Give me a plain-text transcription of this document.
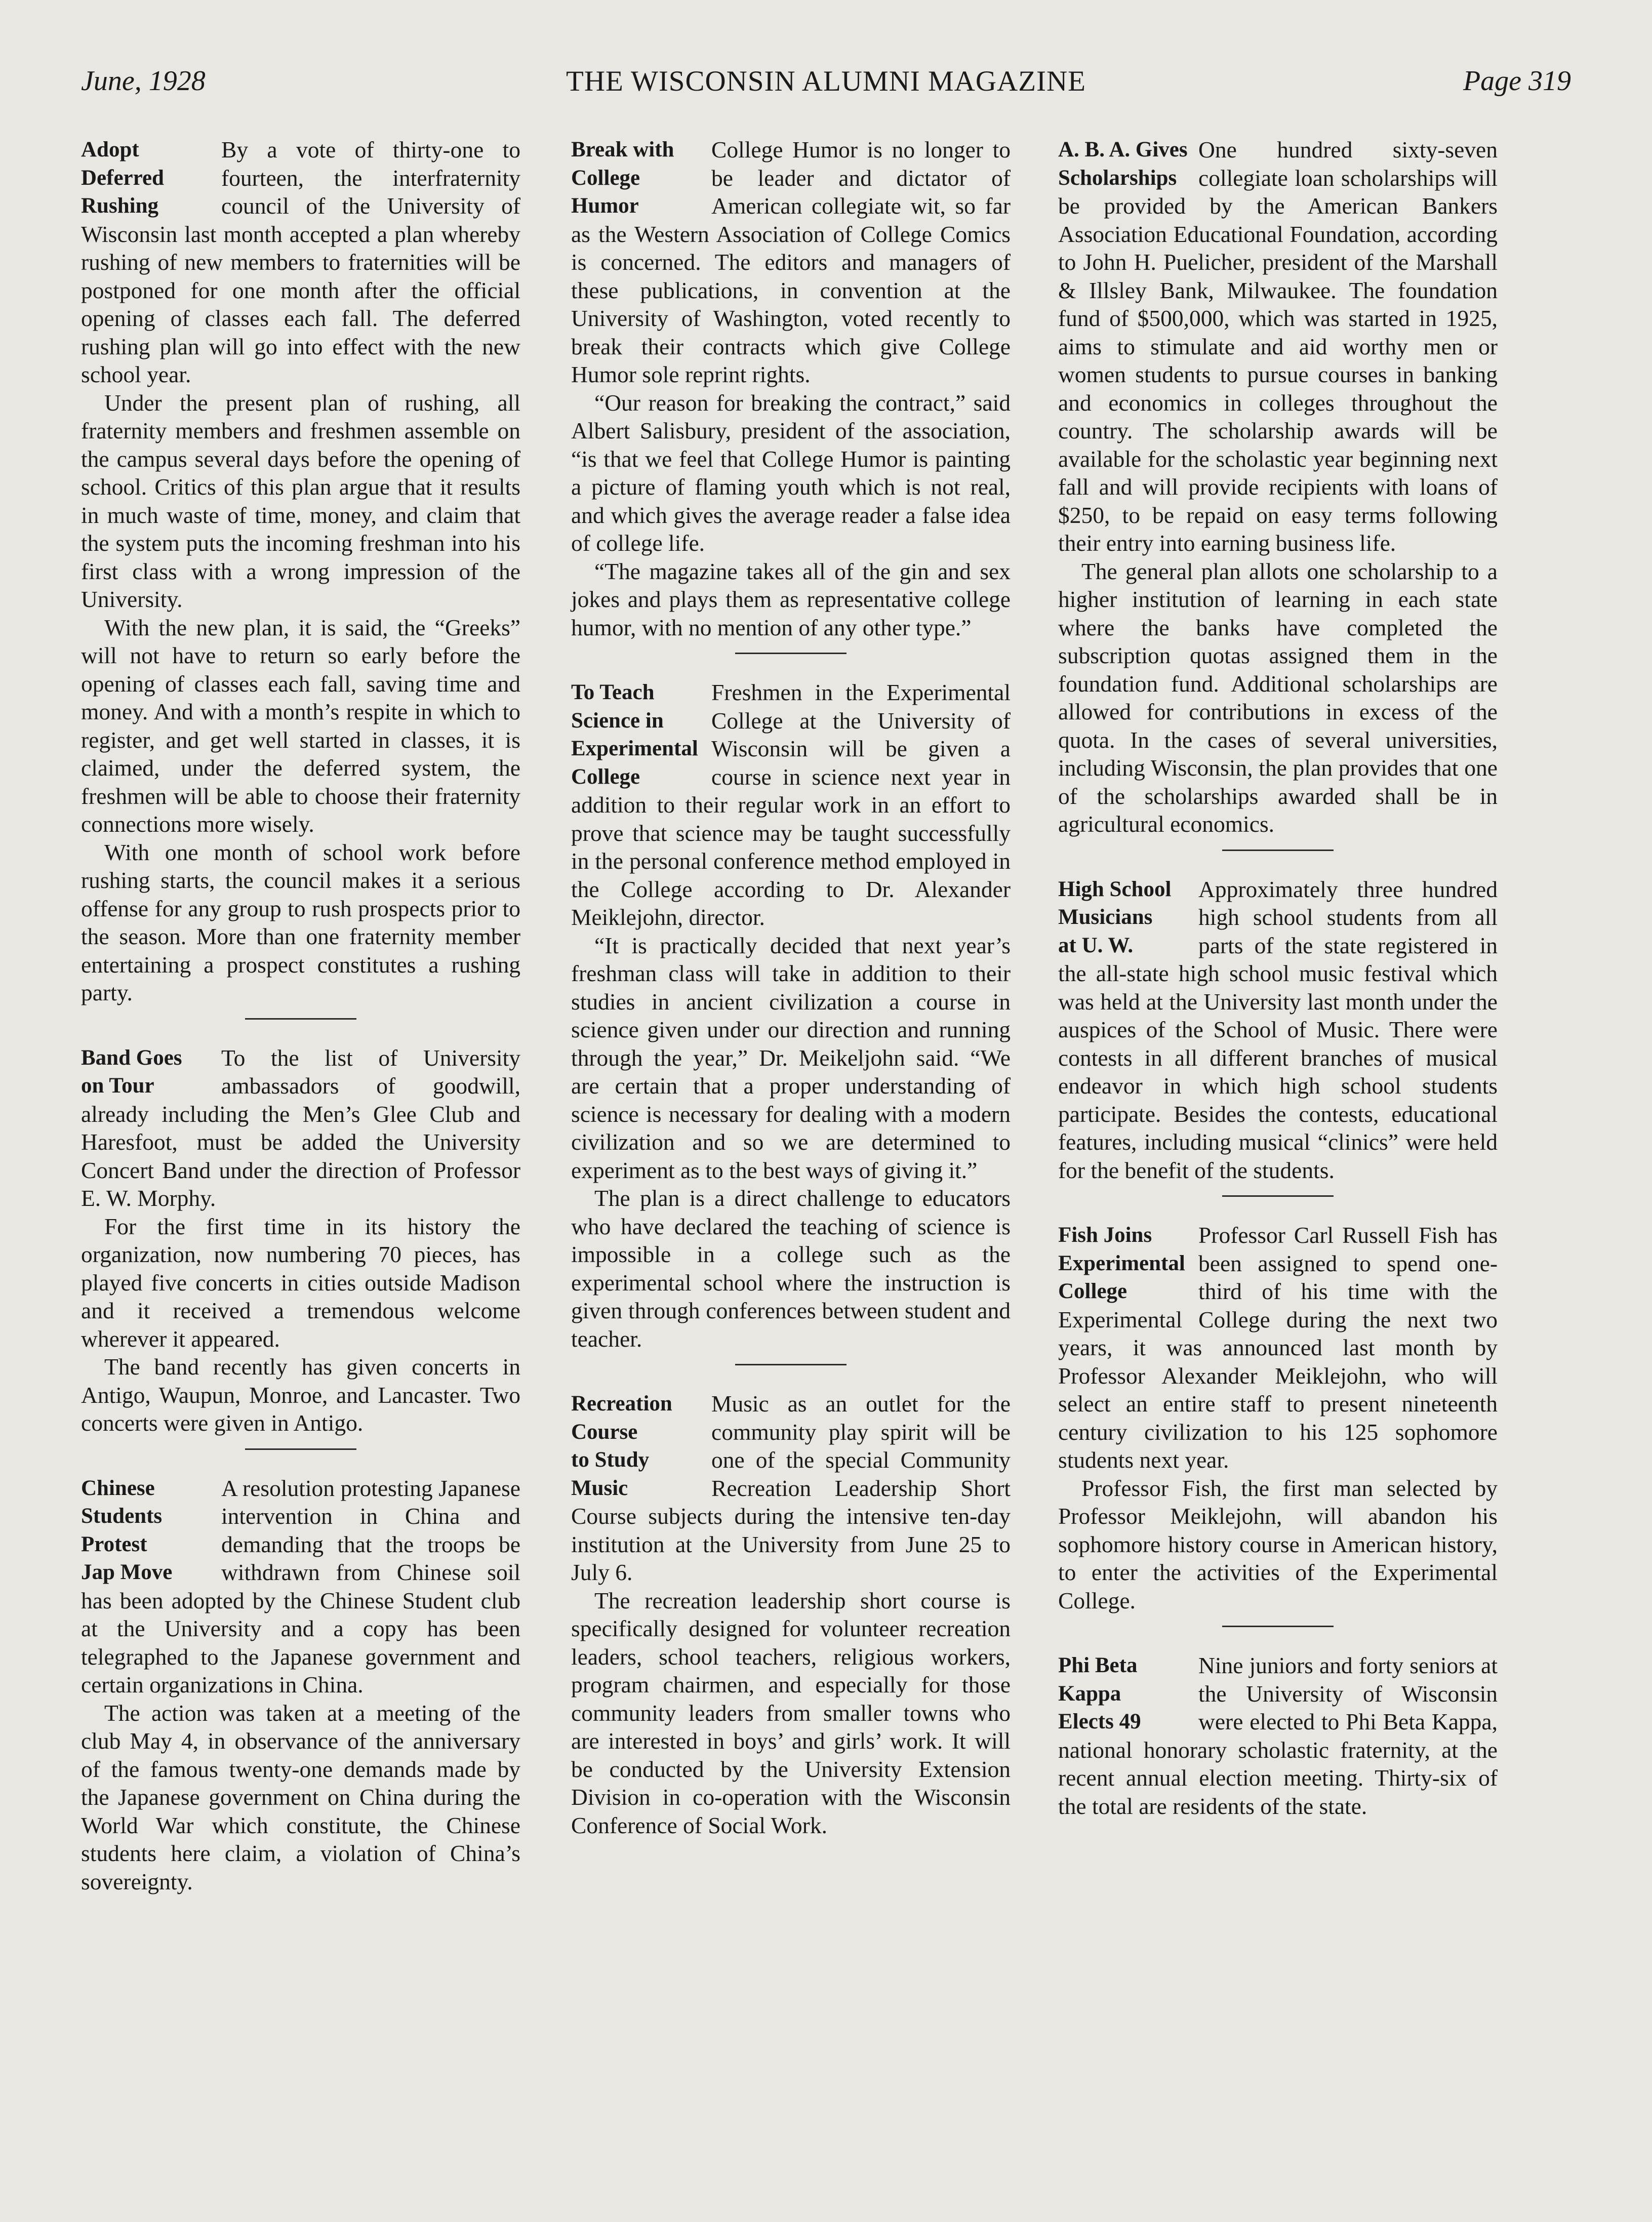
June, 1928	THE WISCONSIN ALUMNI MAGAZINE	Page 319
Adopt
Deferred
Rushing

By a vote of thirty-one to fourteen, the interfraternity council of the University of Wisconsin last month accepted a plan whereby rushing of new members to fraternities will be postponed for one month after the official opening of classes each fall. The deferred rushing plan will go into effect with the new school year.

Under the present plan of rushing, all fraternity members and freshmen assemble on the campus several days before the opening of school. Critics of this plan argue that it results in much waste of time, money, and claim that the system puts the incoming freshman into his first class with a wrong impression of the University.

With the new plan, it is said, the “Greeks” will not have to return so early before the opening of classes each fall, saving time and money. And with a month’s respite in which to register, and get well started in classes, it is claimed, under the deferred system, the freshmen will be able to choose their fraternity connections more wisely.

With one month of school work before rushing starts, the council makes it a serious offense for any group to rush prospects prior to the season. More than one fraternity member entertaining a prospect constitutes a rushing party.

Band Goes
on Tour

To the list of University ambassadors of goodwill, already including the Men’s Glee Club and Haresfoot, must be added the University Concert Band under the direction of Professor E. W. Morphy.

For the first time in its history the organization, now numbering 70 pieces, has played five concerts in cities outside Madison and it received a tremendous welcome wherever it appeared.

The band recently has given concerts in Antigo, Waupun, Monroe, and Lancaster. Two concerts were given in Antigo.

Chinese
Students
Protest
Jap Move

A resolution protesting Japanese intervention in China and demanding that the troops be withdrawn from Chinese soil has been adopted by the Chinese Student club at the University and a copy has been telegraphed to the Japanese government and certain organizations in China.

The action was taken at a meeting of the club May 4, in observance of the anniversary of the famous twenty-one demands made by the Japanese government on China during the World War which constitute, the Chinese students here claim, a violation of China’s sovereignty.

Break with
College Humor

College Humor is no longer to be leader and dictator of American collegiate wit, so far as the Western Association of College Comics is concerned. The editors and managers of these publications, in convention at the University of Washington, voted recently to break their contracts which give College Humor sole reprint rights.

“Our reason for breaking the contract,” said Albert Salisbury, president of the association, “is that we feel that College Humor is painting a picture of flaming youth which is not real, and which gives the average reader a false idea of college life.

“The magazine takes all of the gin and sex jokes and plays them as representative college humor, with no mention of any other type.”

To Teach
Science in
Experimental
College

Freshmen in the Experimental College at the University of Wisconsin will be given a course in science next year in addition to their regular work in an effort to prove that science may be taught successfully in the personal conference method employed in the College according to Dr. Alexander Meiklejohn, director.

“It is practically decided that next year’s freshman class will take in addition to their studies in ancient civilization a course in science given under our direction and running through the year,” Dr. Meikeljohn said. “We are certain that a proper understanding of science is necessary for dealing with a modern civilization and so we are determined to experiment as to the best ways of giving it.”

The plan is a direct challenge to educators who have declared the teaching of science is impossible in a college such as the experimental school where the instruction is given through conferences between student and teacher.

Recreation
Course
to Study
Music

Music as an outlet for the community play spirit will be one of the special Community Recreation Leadership Short Course subjects during the intensive ten-day institution at the University from June 25 to July 6.

The recreation leadership short course is specifically designed for volunteer recreation leaders, school teachers, religious workers, program chairmen, and especially for those community leaders from smaller towns who are interested in boys’ and girls’ work. It will be conducted by the University Extension Division in co-operation with the Wisconsin Conference of Social Work.

A. B. A. Gives
Scholarships

One hundred sixty-seven collegiate loan scholarships will be provided by the American Bankers Association Educational Foundation, according to John H. Puelicher, president of the Marshall & Illsley Bank, Milwaukee. The foundation fund of $500,000, which was started in 1925, aims to stimulate and aid worthy men or women students to pursue courses in banking and economics in colleges throughout the country. The scholarship awards will be available for the scholastic year beginning next fall and will provide recipients with loans of $250, to be repaid on easy terms following their entry into earning business life.

The general plan allots one scholarship to a higher institution of learning in each state where the banks have completed the subscription quotas assigned them in the foundation fund. Additional scholarships are allowed for contributions in excess of the quota. In the cases of several universities, including Wisconsin, the plan provides that one of the scholarships awarded shall be in agricultural economics.

High School
Musicians
at U. W.

Approximately three hundred high school students from all parts of the state registered in the all-state high school music festival which was held at the University last month under the auspices of the School of Music. There were contests in all different branches of musical endeavor in which high school students participate. Besides the contests, educational features, including musical “clinics” were held for the benefit of the students.

Fish Joins
Experimental
College

Professor Carl Russell Fish has been assigned to spend one-third of his time with the Experimental College during the next two years, it was announced last month by Professor Alexander Meiklejohn, who will select an entire staff to present nineteenth century civilization to his 125 sophomore students next year.

Professor Fish, the first man selected by Professor Meiklejohn, will abandon his sophomore history course in American history, to enter the activities of the Experimental College.

Phi Beta Kappa
Elects 49

Nine juniors and forty seniors at the University of Wisconsin were elected to Phi Beta Kappa, national honorary scholastic fraternity, at the recent annual election meeting. Thirty-six of the total are residents of the state.
